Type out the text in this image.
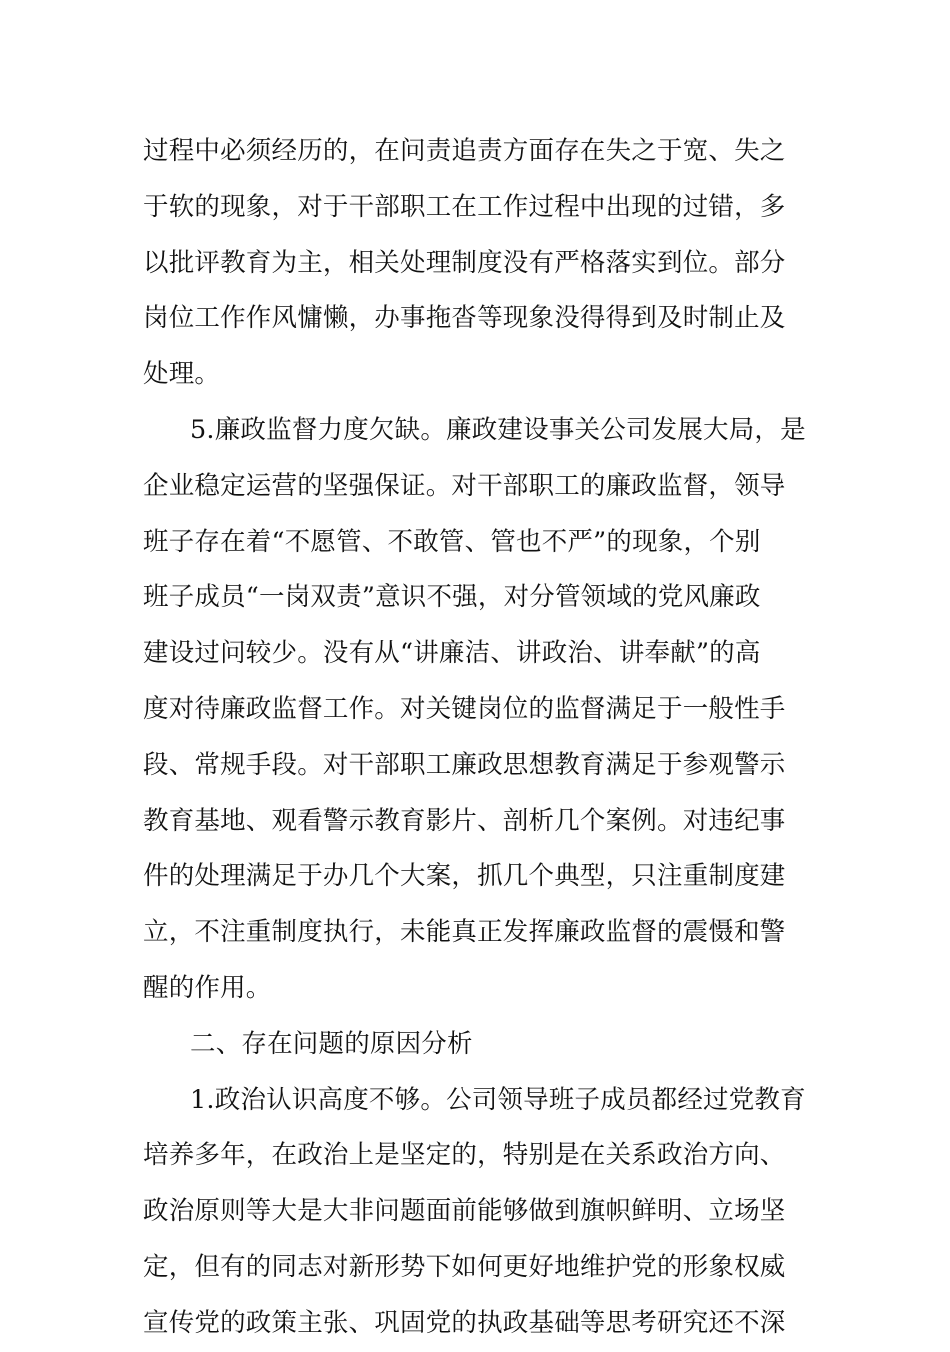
过程中必须经历的，在问责追责方面存在失之于宽、失之
于软的现象，对于干部职工在工作过程中出现的过错，多
以批评教育为主，相关处理制度没有严格落实到位。部分
岗位工作作风慵懒，办事拖沓等现象没得得到及时制止及
处理。
5.廉政监督力度欠缺。廉政建设事关公司发展大局，是
企业稳定运营的坚强保证。对干部职工的廉政监督，领导
班子存在着“不愿管、不敢管、管也不严”的现象，个别
班子成员“一岗双责”意识不强，对分管领域的党风廉政
建设过问较少。没有从“讲廉洁、讲政治、讲奉献”的高
度对待廉政监督工作。对关键岗位的监督满足于一般性手
段、常规手段。对干部职工廉政思想教育满足于参观警示
教育基地、观看警示教育影片、剖析几个案例。对违纪事
件的处理满足于办几个大案，抓几个典型，只注重制度建
立，不注重制度执行，未能真正发挥廉政监督的震慑和警
醒的作用。
二、存在问题的原因分析
1.政治认识高度不够。公司领导班子成员都经过党教育
培养多年，在政治上是坚定的，特别是在关系政治方向、
政治原则等大是大非问题面前能够做到旗帜鲜明、立场坚
定，但有的同志对新形势下如何更好地维护党的形象权威
宣传党的政策主张、巩固党的执政基础等思考研究还不深
